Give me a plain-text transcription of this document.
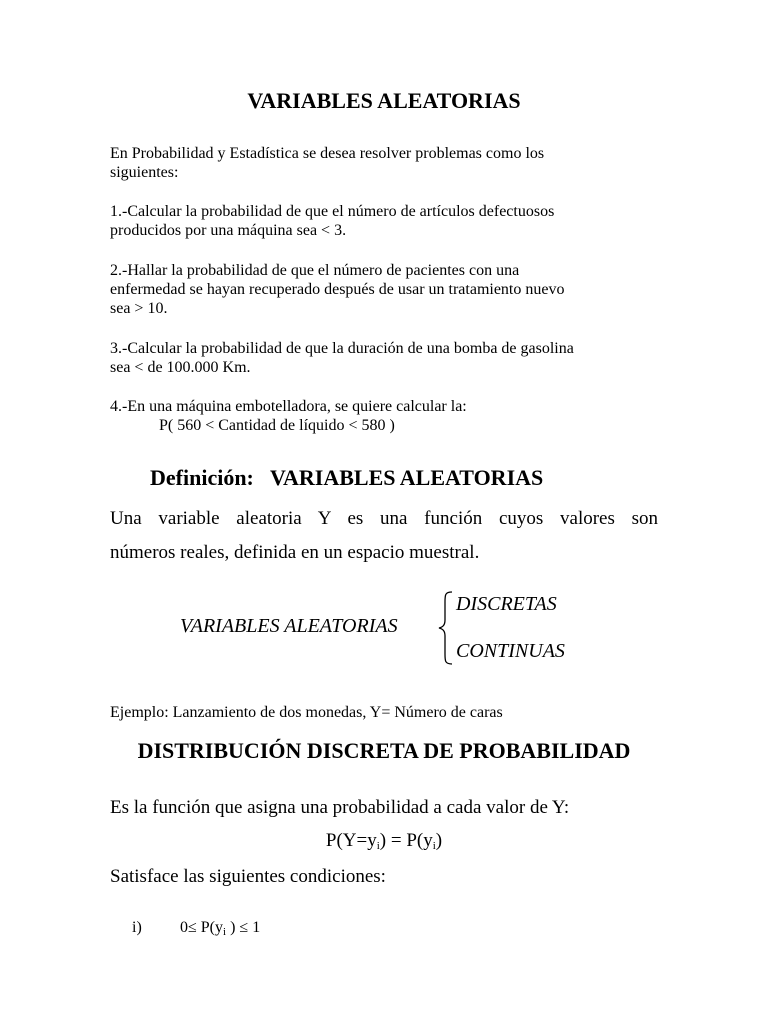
VARIABLES ALEATORIAS
En Probabilidad y Estadística se desea resolver problemas como los
siguientes:
1.-Calcular la probabilidad de que el número de artículos defectuosos
producidos por una máquina sea < 3.
2.-Hallar la probabilidad de que el número de pacientes con una
enfermedad se hayan recuperado después de usar un tratamiento nuevo
sea > 10.
3.-Calcular la probabilidad de que la duración de una bomba de gasolina
sea < de 100.000 Km.
4.-En una máquina embotelladora, se quiere calcular la:
P( 560 < Cantidad de líquido < 580 )
Definición:   VARIABLES ALEATORIAS
Una variable aleatoria Y es una función cuyos valores son
números reales, definida en un espacio muestral.
VARIABLES ALEATORIAS
DISCRETAS
CONTINUAS
Ejemplo: Lanzamiento de dos monedas, Y= Número de caras
DISTRIBUCIÓN DISCRETA DE PROBABILIDAD
Es la función que asigna una probabilidad a cada valor de Y:
$P(Y=y_i) = P(y_i)$
Satisface las siguientes condiciones:
i) $0\le P(y_i$ ) ≤ 1
